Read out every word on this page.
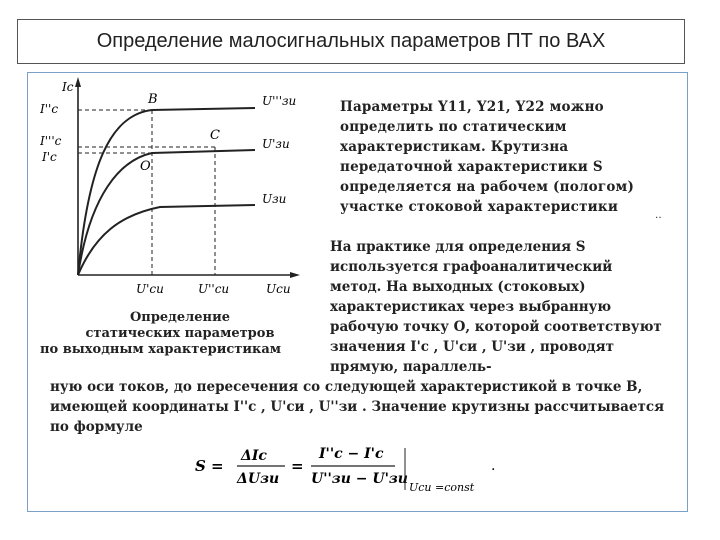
Определение малосигнальных параметров ПТ по ВАХ
Ic
Uси
I''с
I'''с
I'с
U'си	U''си
B
C
O
U'''зи
U'зи
Uзи
Определение
статических параметров
по выходным характеристикам
Параметры Y11, Y21, Y22 можно определить по статическим характеристикам. Крутизна передаточной характеристики S определяется на рабочем (пологом) участке стоковой характеристики
‥
На практике для определения S используется графоаналитический метод. На выходных (стоковых) характеристиках через выбранную рабочую точку О, которой соответствуют значения I'с , U'си , U'зи , проводят прямую, параллель-
ную оси токов, до пересечения со следующей характеристикой в точке В, имеющей координаты I''с , U'си , U''зи . Значение крутизны рассчитывается по формуле
S =
ΔIс
ΔUзи
=
I''с − I'с
U''зи − U'зи
Uси =const
.
